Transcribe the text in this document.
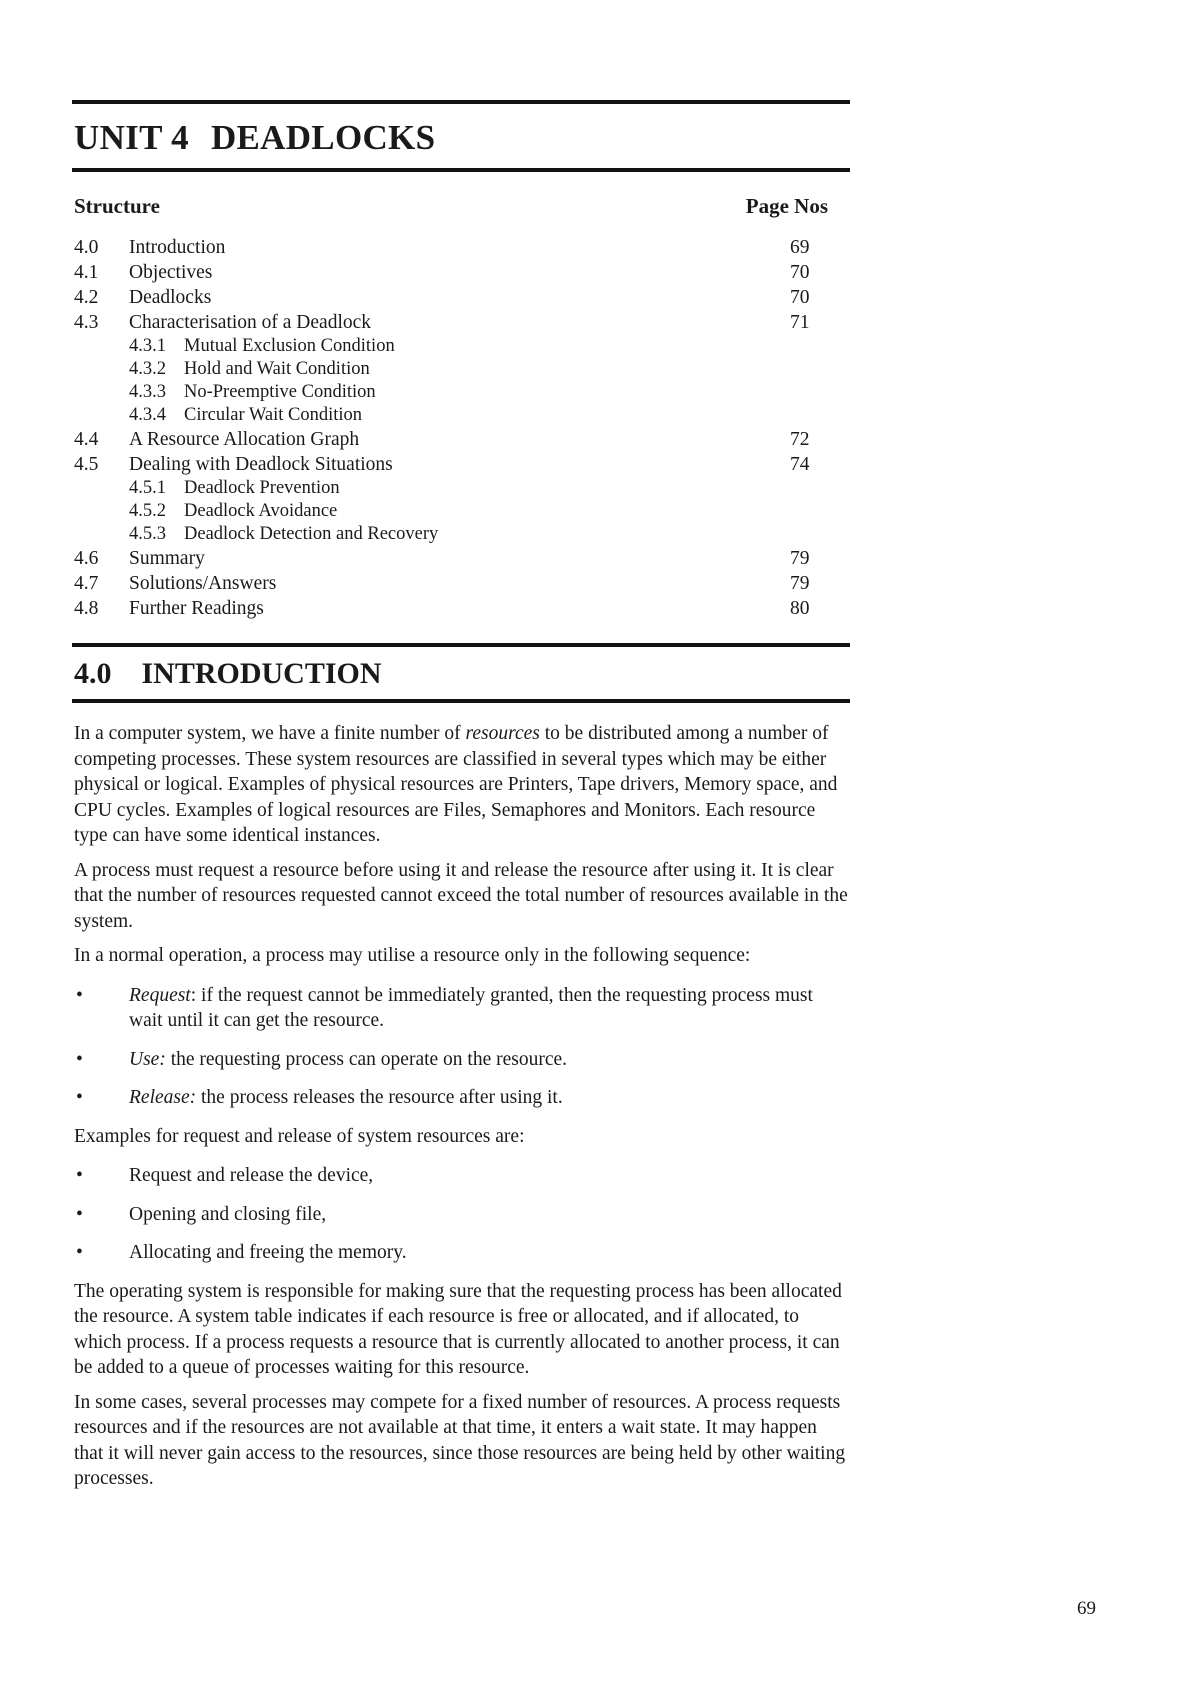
UNIT 4 DEADLOCKS
Structure	Page Nos
4.0	Introduction	69
4.1	Objectives	70
4.2	Deadlocks	70
4.3	Characterisation of a Deadlock	71
4.3.1 Mutual Exclusion Condition
4.3.2 Hold and Wait Condition
4.3.3 No-Preemptive Condition
4.3.4 Circular Wait Condition
4.4	A Resource Allocation Graph	72
4.5	Dealing with Deadlock Situations	74
4.5.1 Deadlock Prevention
4.5.2 Deadlock Avoidance
4.5.3 Deadlock Detection and Recovery
4.6	Summary	79
4.7	Solutions/Answers	79
4.8	Further Readings	80
4.0 INTRODUCTION

In a computer system, we have a finite number of resources to be distributed among a number of competing processes. These system resources are classified in several types which may be either physical or logical. Examples of physical resources are Printers, Tape drivers, Memory space, and CPU cycles. Examples of logical resources are Files, Semaphores and Monitors. Each resource type can have some identical instances.

A process must request a resource before using it and release the resource after using it. It is clear that the number of resources requested cannot exceed the total number of resources available in the system.

In a normal operation, a process may utilise a resource only in the following sequence:

• Request: if the request cannot be immediately granted, then the requesting process must wait until it can get the resource.
• Use: the requesting process can operate on the resource.
• Release: the process releases the resource after using it.

Examples for request and release of system resources are:

• Request and release the device,
• Opening and closing file,
• Allocating and freeing the memory.

The operating system is responsible for making sure that the requesting process has been allocated the resource. A system table indicates if each resource is free or allocated, and if allocated, to which process. If a process requests a resource that is currently allocated to another process, it can be added to a queue of processes waiting for this resource.

In some cases, several processes may compete for a fixed number of resources. A process requests resources and if the resources are not available at that time, it enters a wait state. It may happen that it will never gain access to the resources, since those resources are being held by other waiting processes.

69
